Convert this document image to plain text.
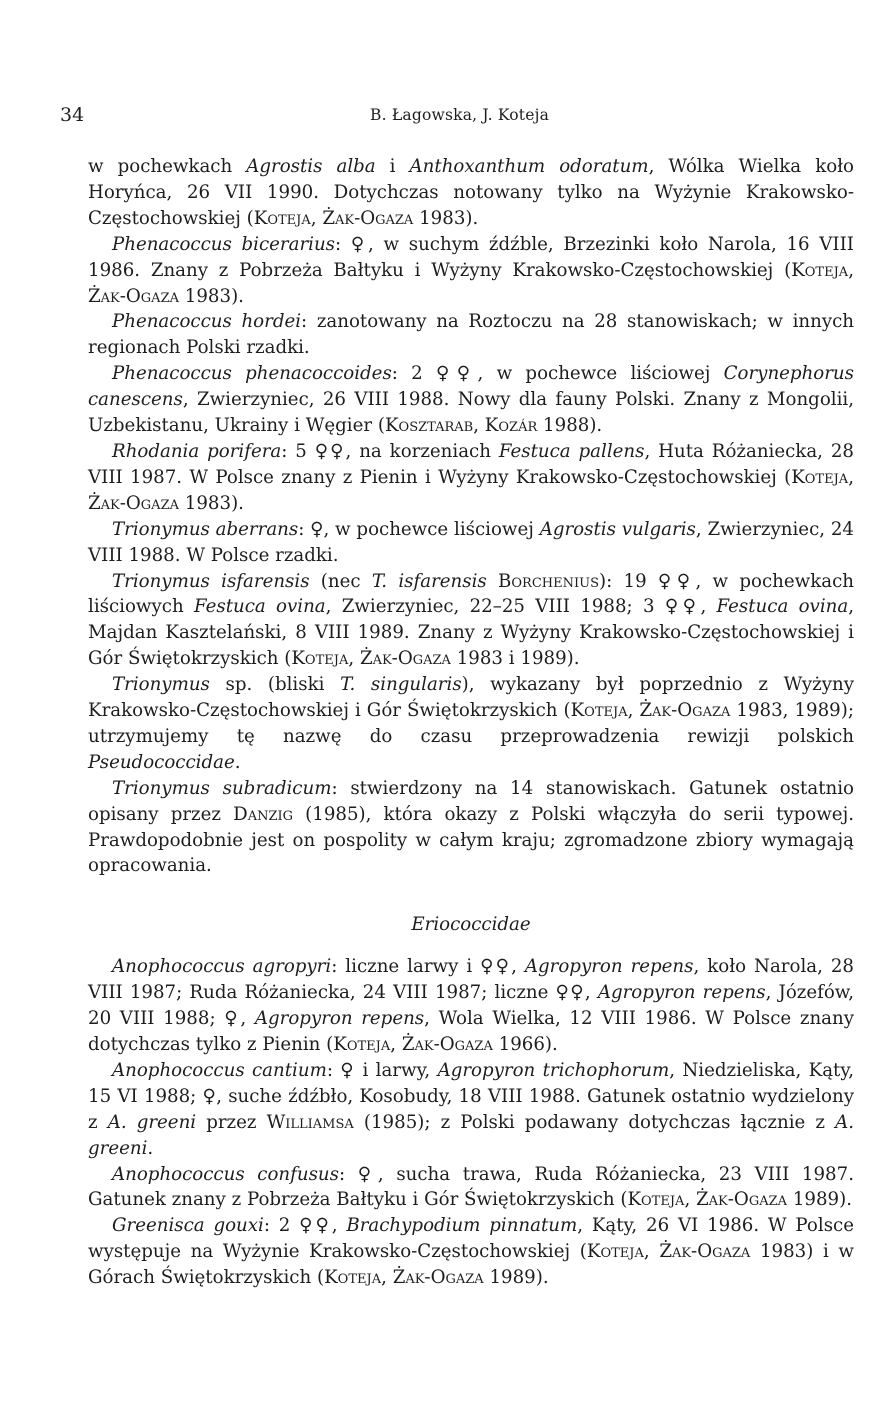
34	B. Łagowska, J. Koteja

w pochewkach Agrostis alba i Anthoxanthum odoratum, Wólka Wielka koło Horyńca, 26 VII 1990. Dotychczas notowany tylko na Wyżynie Krakowsko-Częstochowskiej (Koteja, Żak-Ogaza 1983).

Phenacoccus bicerarius: ♀, w suchym źdźble, Brzezinki koło Narola, 16 VIII 1986. Znany z Pobrzeża Bałtyku i Wyżyny Krakowsko-Częstochowskiej (Koteja, Żak-Ogaza 1983).

Phenacoccus hordei: zanotowany na Roztoczu na 28 stanowiskach; w innych regionach Polski rzadki.

Phenacoccus phenacoccoides: 2 ♀♀, w pochewce liściowej Corynephorus canescens, Zwierzyniec, 26 VIII 1988. Nowy dla fauny Polski. Znany z Mongolii, Uzbekistanu, Ukrainy i Węgier (Kosztarab, Kozár 1988).

Rhodania porifera: 5 ♀♀, na korzeniach Festuca pallens, Huta Różaniecka, 28 VIII 1987. W Polsce znany z Pienin i Wyżyny Krakowsko-Częstochowskiej (Koteja, Żak-Ogaza 1983).

Trionymus aberrans: ♀, w pochewce liściowej Agrostis vulgaris, Zwierzyniec, 24 VIII 1988. W Polsce rzadki.

Trionymus isfarensis (nec T. isfarensis Borchenius): 19 ♀♀, w pochewkach liściowych Festuca ovina, Zwierzyniec, 22–25 VIII 1988; 3 ♀♀, Festuca ovina, Majdan Kasztelański, 8 VIII 1989. Znany z Wyżyny Krakowsko-Częstochowskiej i Gór Świętokrzyskich (Koteja, Żak-Ogaza 1983 i 1989).

Trionymus sp. (bliski T. singularis), wykazany był poprzednio z Wyżyny Krakowsko-Częstochowskiej i Gór Świętokrzyskich (Koteja, Żak-Ogaza 1983, 1989); utrzymujemy tę nazwę do czasu przeprowadzenia rewizji polskich Pseudococcidae.

Trionymus subradicum: stwierdzony na 14 stanowiskach. Gatunek ostatnio opisany przez Danzig (1985), która okazy z Polski włączyła do serii typowej. Prawdopodobnie jest on pospolity w całym kraju; zgromadzone zbiory wymagają opracowania.

Eriococcidae

Anophococcus agropyri: liczne larwy i ♀♀, Agropyron repens, koło Narola, 28 VIII 1987; Ruda Różaniecka, 24 VIII 1987; liczne ♀♀, Agropyron repens, Józefów, 20 VIII 1988; ♀, Agropyron repens, Wola Wielka, 12 VIII 1986. W Polsce znany dotychczas tylko z Pienin (Koteja, Żak-Ogaza 1966).

Anophococcus cantium: ♀ i larwy, Agropyron trichophorum, Niedzieliska, Kąty, 15 VI 1988; ♀, suche źdźbło, Kosobudy, 18 VIII 1988. Gatunek ostatnio wydzielony z A. greeni przez Williamsa (1985); z Polski podawany dotychczas łącznie z A. greeni.

Anophococcus confusus: ♀, sucha trawa, Ruda Różaniecka, 23 VIII 1987. Gatunek znany z Pobrzeża Bałtyku i Gór Świętokrzyskich (Koteja, Żak-Ogaza 1989).

Greenisca gouxi: 2 ♀♀, Brachypodium pinnatum, Kąty, 26 VI 1986. W Polsce występuje na Wyżynie Krakowsko-Częstochowskiej (Koteja, Żak-Ogaza 1983) i w Górach Świętokrzyskich (Koteja, Żak-Ogaza 1989).
